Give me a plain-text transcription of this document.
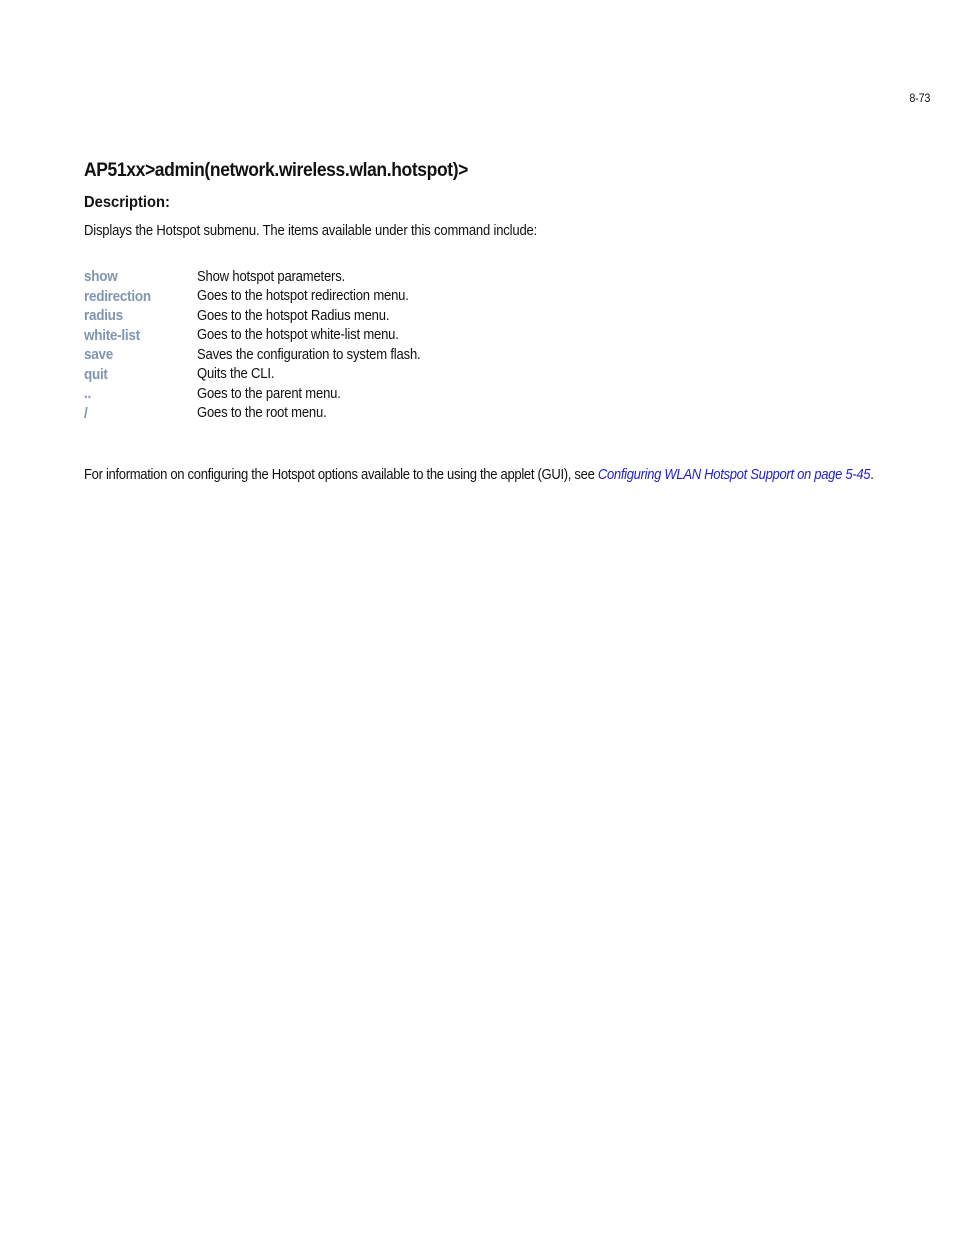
8-73
AP51xx>admin(network.wireless.wlan.hotspot)>
Description:

Displays the Hotspot submenu. The items available under this command include:

show	Show hotspot parameters.
redirection	Goes to the hotspot redirection menu.
radius	Goes to the hotspot Radius menu.
white-list	Goes to the hotspot white-list menu.
save	Saves the configuration to system flash.
quit	Quits the CLI.
..	Goes to the parent menu.
/	Goes to the root menu.

For information on configuring the Hotspot options available to the using the applet (GUI), see Configuring WLAN Hotspot Support on page 5-45.
